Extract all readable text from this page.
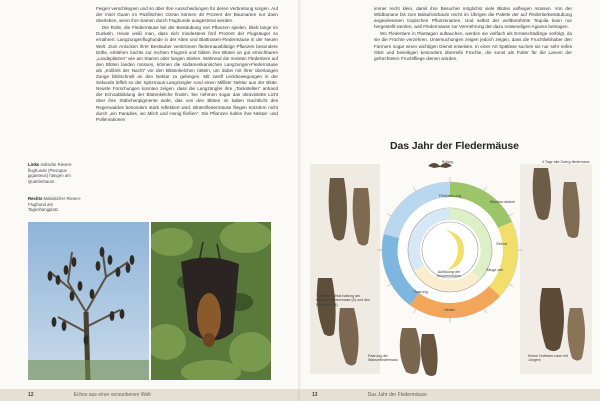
Feigen verschleppen und so über ihre Ausscheidungen für deren Verbreitung sorgen. Auf der Insel Guam im Pazifischen Ozean können 40 Prozent der Baumarten nur dann überleben, wenn ihre Samen durch Flughunde ausgestreut werden.

Die Rolle, die Fledermäuse bei der Bestäubung von Pflanzen spielen, blieb lange im Dunkeln. Heute weiß man, dass sich mindestens fünf Prozent der Flugsäuger so ernähren: Langzungenflughunde in der Alten und Blattnasen-Fledermäuse in der Neuen Welt. Zum Anlocken ihrer Bestäuber verströmen fledermausblütige Pflanzen besondere Düfte, erblühen nachts zur rechten Flugzeit und bilden ihre Blüten an gut erreichbaren „Landeplätzen“ wie am Stamm oder langen Stielen. Während die meisten Fledertiere auf den Blüten landen müssen, können die südamerikanischen Langzungen-Fledermäuse als „Kolibris der Nacht“ vor den Blütenkelchen rütteln, um dabei mit ihrer überlangen Zunge blitzschnell an den Nektar zu gelangen. Mit zwölf Leckbewegungen in der Sekunde löffelt so der Spitzmaus-Langzüngler rund einen Millliter Nektar aus der Blüte. Neuste Forschungen konnten zeigen, dass die Langzüngler ihre „Tankstellen“ anhand der Echoabbildung der Blütenkelche finden. Sie nehmen sogar das ultraviolette Licht über ihre Stäbchenpigmente wahr, das von den Blüten im kalten Nachtlicht des Regenwaldes besonders stark reflektiert wird. Blütenfledermäuse fliegen trotzdem nicht durch „ein Paradies, wo Milch und Honig fließen“. Die Pflanzen halten ihre Nektar- und Pollenrationen

Links Indische Riesen-flughunde (Pteropus giganteus) hängen am Quartierbaum.
Rechts Malaiischer Riesen-Flughund am Tageshangplatz.
12	Echos aus einer versunkenen Welt

immer recht klein, damit ihre Besucher möglichst viele Blüten anfliegen müssen. Von der Wildbanane bis zum Balsaholzbaum reicht im Übrigen die Palette der auf Fledertierbestäubung angewiesenen tropischen Pflanzenarten. Und selbst der weltberühmte Tequila kann nur hergestellt werden, weil Fledermäuse zur Vermehrung der dazu notwendigen Agaven beitragen.

Wo Fledertiere in Plantagen auftauchen, werden sie vielfach als Ernteschädlinge verfolgt, da sie die Früchte verzehren. Untersuchungen zeigen jedoch zeigen, dass die Fruchtliebhaber den Farmern sogar einen wichtigen Dienst erweisen. In einer Art Spätlese suchen sie nur sehr reifes Obst und beseitigen besonders überreife Früchte, die sonst als Futter für die Larven der gefürchteten Fruchtfliege dienen würden.

Das Jahr der Fledermäuse
Ruheg.	4 Tage alte Zwerg-fledermaus
Frühjahrs-zug
Wochen-stuben
Geburt
Säuge-zeit
Auflösung der Wochenstuben
Paarung
Herbst
Typische Schlaf-haltung der kleinen Hufeisennase (A) und des Mausohrs (B)
Paarung der Wasserfledermaus
Kleine Hufeisen-nase mit Jungem
13	Das Jahr der Fledermäuse
